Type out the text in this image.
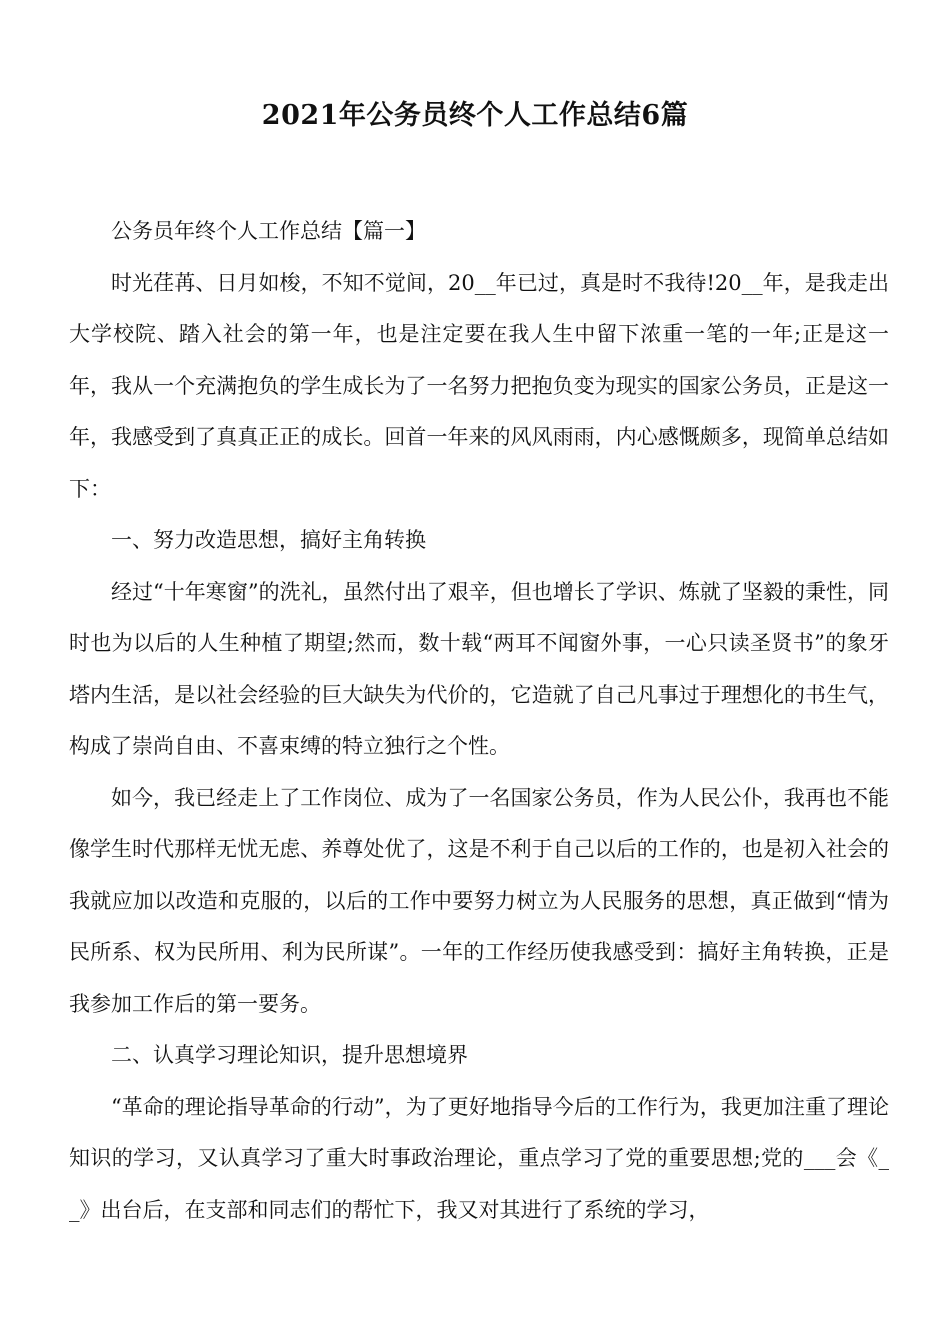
2021年公务员终个人工作总结6篇

公务员年终个人工作总结【篇一】

时光荏苒、日月如梭，不知不觉间，20__年已过，真是时不我待!20__年，是我走出大学校院、踏入社会的第一年，也是注定要在我人生中留下浓重一笔的一年;正是这一年，我从一个充满抱负的学生成长为了一名努力把抱负变为现实的国家公务员，正是这一年，我感受到了真真正正的成长。回首一年来的风风雨雨，内心感慨颇多，现简单总结如下：

一、努力改造思想，搞好主角转换

经过“十年寒窗”的洗礼，虽然付出了艰辛，但也增长了学识、炼就了坚毅的秉性，同时也为以后的人生种植了期望;然而，数十载“两耳不闻窗外事，一心只读圣贤书”的象牙塔内生活，是以社会经验的巨大缺失为代价的，它造就了自己凡事过于理想化的书生气，构成了崇尚自由、不喜束缚的特立独行之个性。

如今，我已经走上了工作岗位、成为了一名国家公务员，作为人民公仆，我再也不能像学生时代那样无忧无虑、养尊处优了，这是不利于自己以后的工作的，也是初入社会的我就应加以改造和克服的，以后的工作中要努力树立为人民服务的思想，真正做到“情为民所系、权为民所用、利为民所谋”。一年的工作经历使我感受到：搞好主角转换，正是我参加工作后的第一要务。

二、认真学习理论知识，提升思想境界

“革命的理论指导革命的行动”，为了更好地指导今后的工作行为，我更加注重了理论知识的学习，又认真学习了重大时事政治理论，重点学习了党的重要思想;党的___会《__》出台后，在支部和同志们的帮忙下，我又对其进行了系统的学习，
